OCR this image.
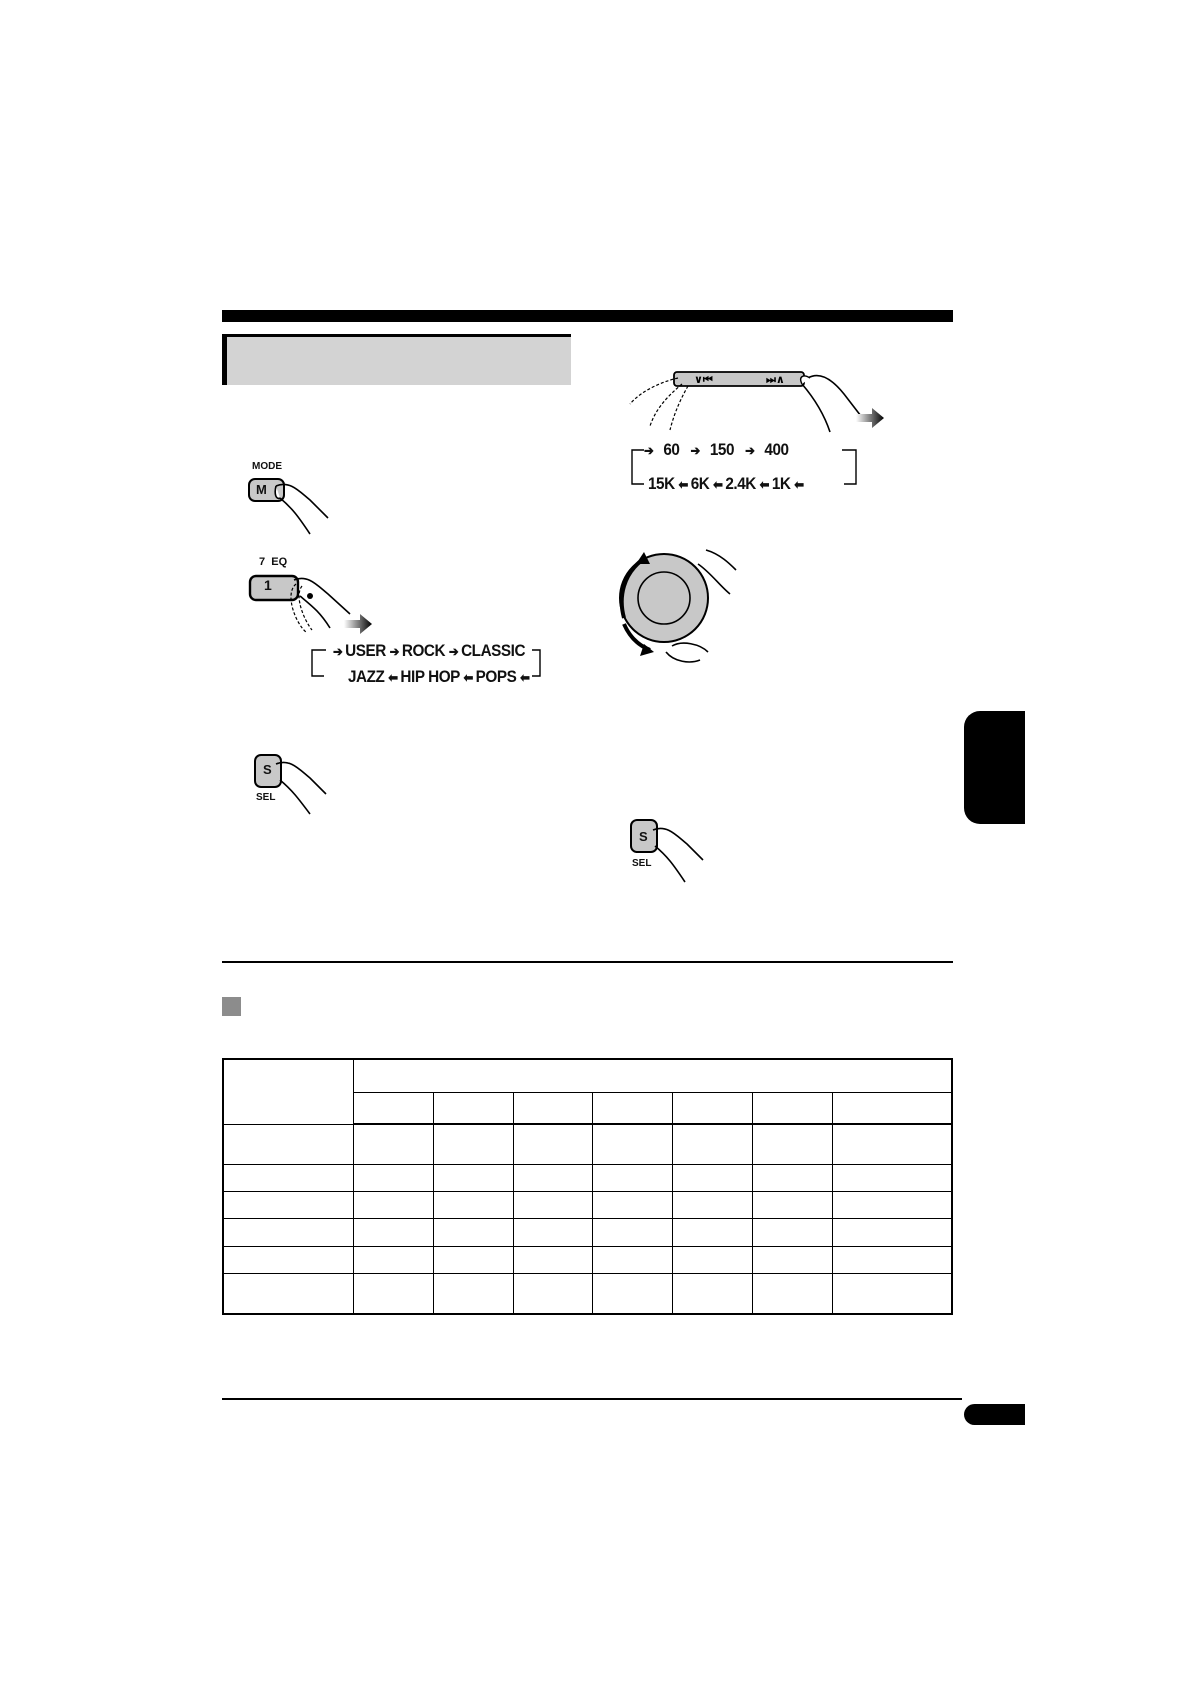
MODE
M
7  EQ
1
➔ USER ➔ ROCK ➔ CLASSIC
JAZZ ⬅ HIP HOP ⬅ POPS ⬅
S
SEL
∨⏮	⏭∧
➔ 60 ➔ 150 ➔ 400
15K ⬅ 6K ⬅ 2.4K ⬅ 1K ⬅
S
SEL
